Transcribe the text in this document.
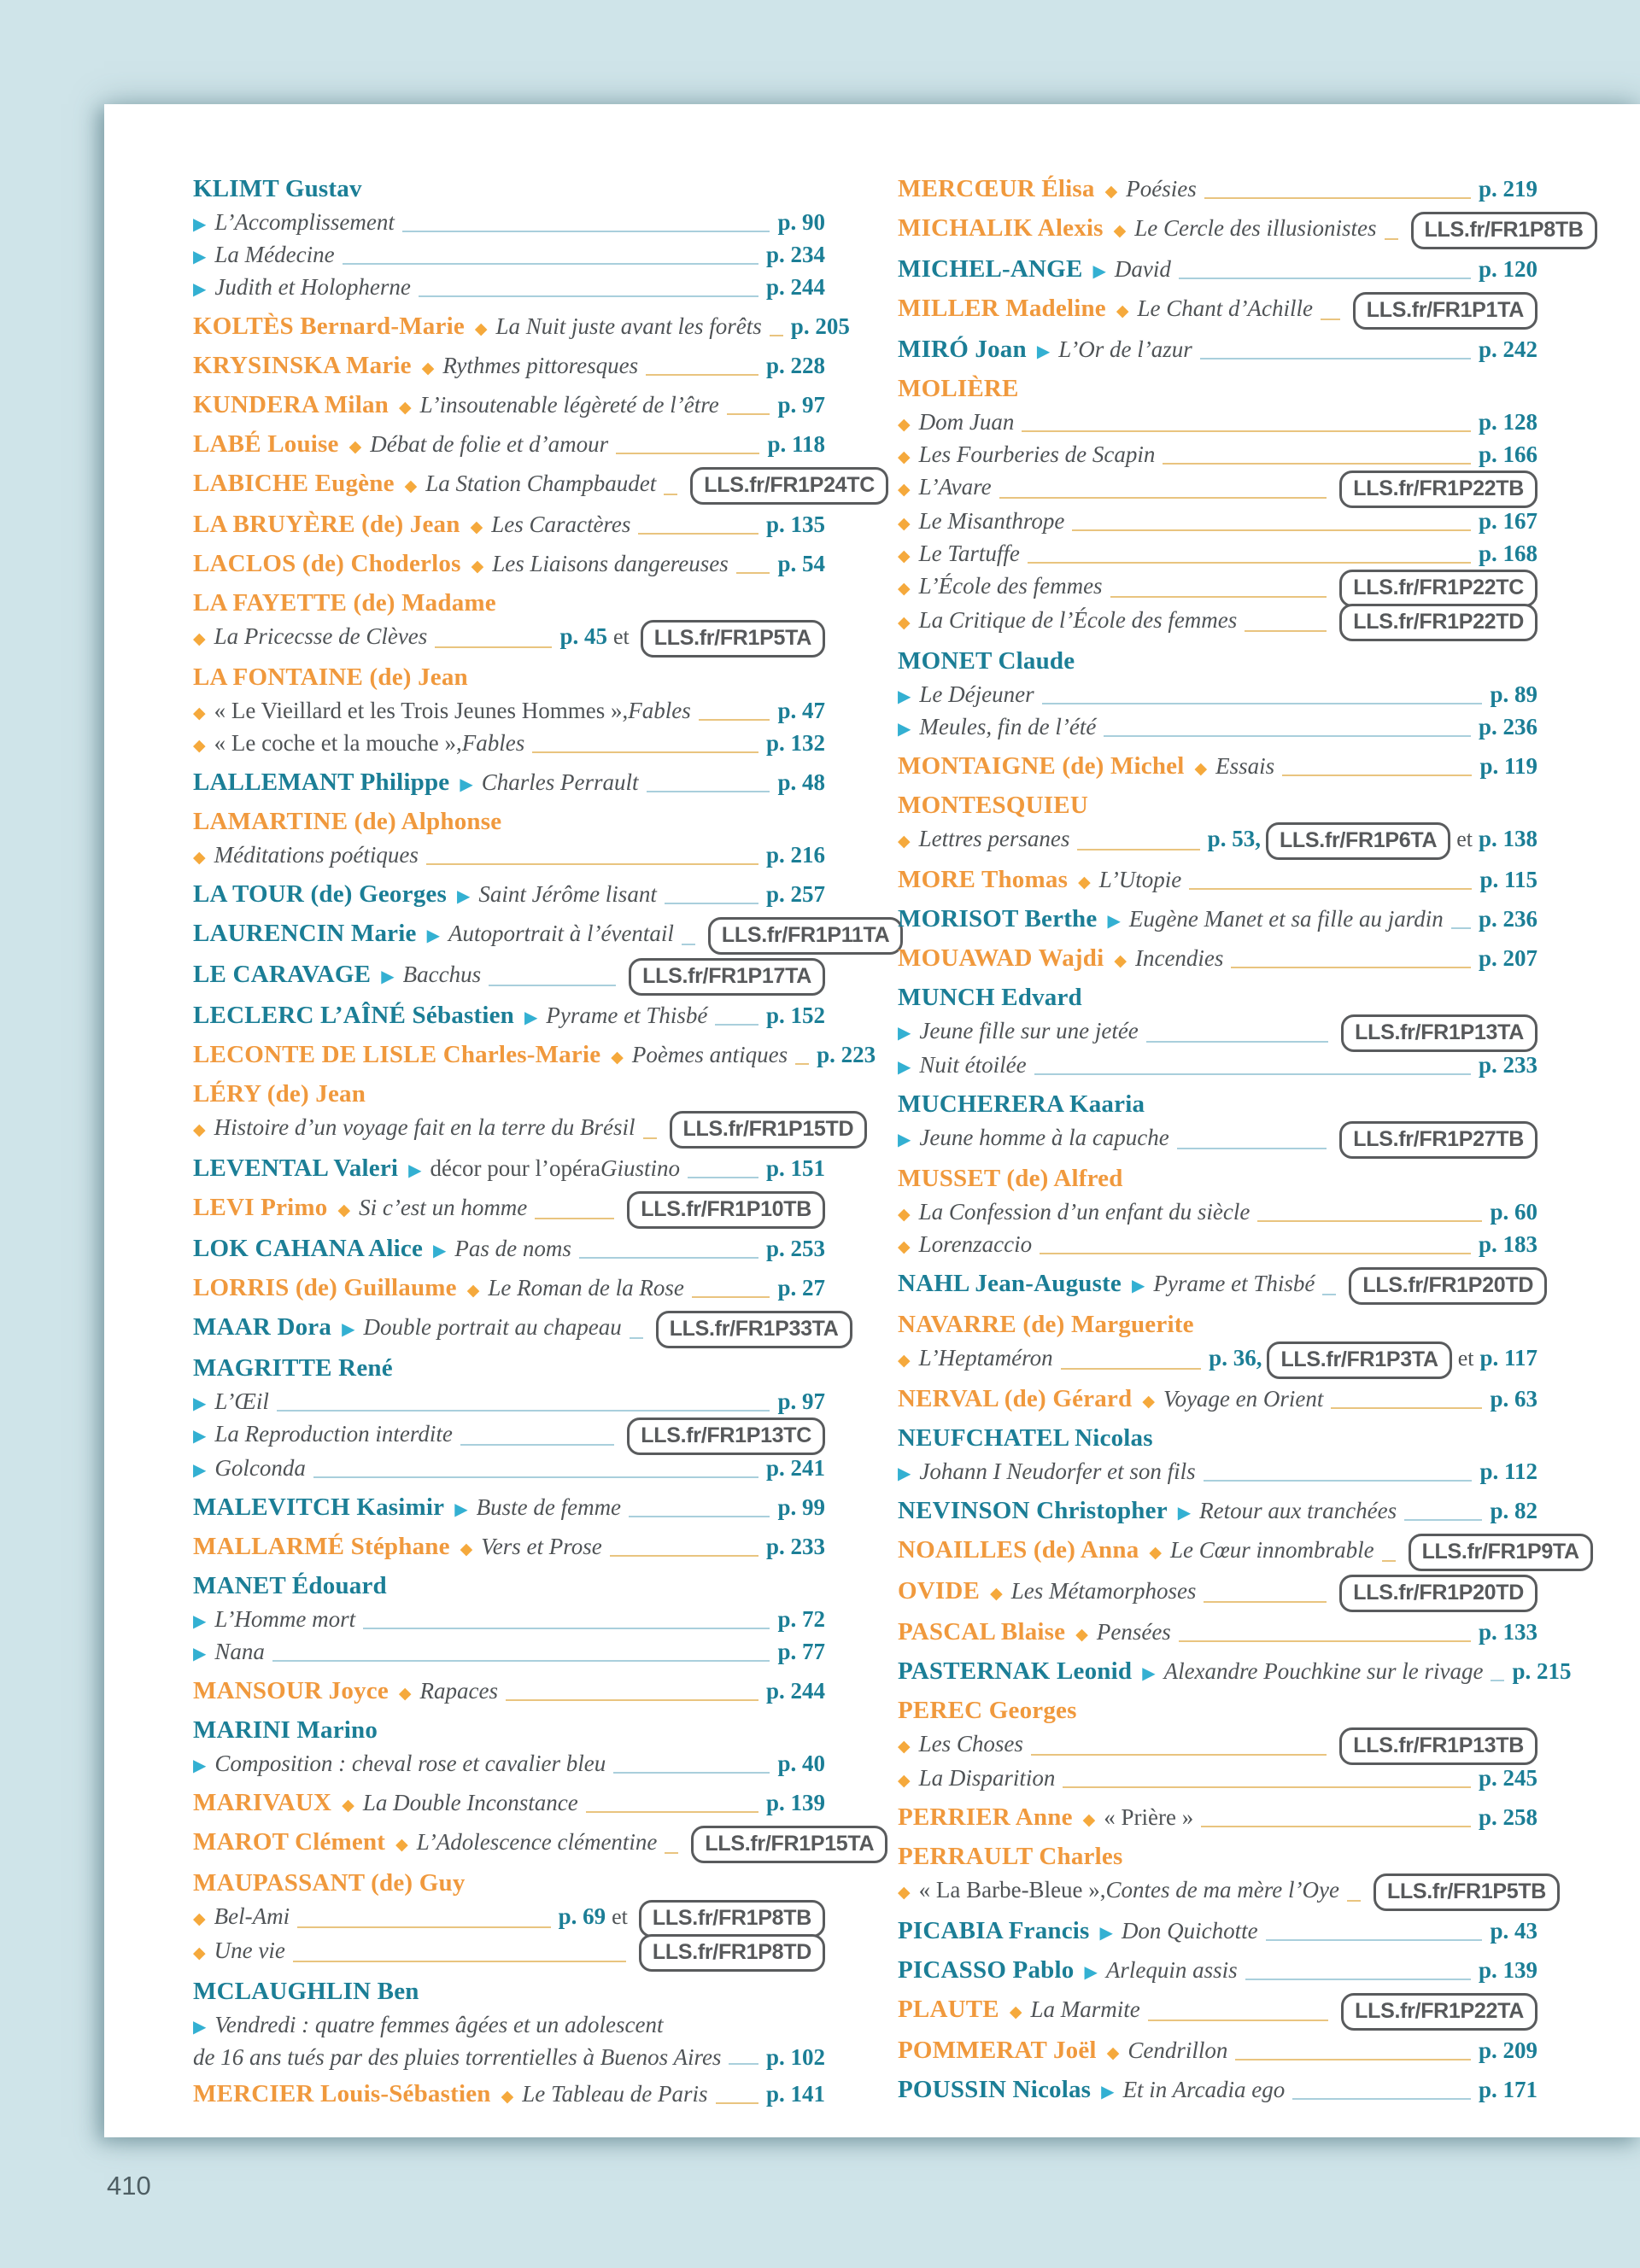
KLIMT Gustav
▶ L’Accomplissement	p. 90
▶ La Médecine	p. 234
▶ Judith et Holopherne	p. 244
KOLTÈS Bernard-Marie ◆ La Nuit juste avant les forêts p. 205
KRYSINSKA Marie ◆ Rythmes pittoresques	p. 228
KUNDERA Milan ◆ L’insoutenable légèreté de l’être	p. 97
LABÉ Louise ◆ Débat de folie et d’amour	p. 118
LABICHE Eugène ◆ La Station Champbaudet	LLS.fr/FR1P24TC
LA BRUYÈRE (de) Jean ◆ Les Caractères	p. 135
LACLOS (de) Choderlos ◆ Les Liaisons dangereuses p. 54
LA FAYETTE (de) Madame
◆ La Pricecsse de Clèves	p. 45 et	LLS.fr/FR1P5TA
LA FONTAINE (de) Jean
◆ « Le Vieillard et les Trois Jeunes Hommes », Fables	p. 47
◆ « Le coche et la mouche », Fables	p. 132
LALLEMANT Philippe ▶ Charles Perrault	p. 48
LAMARTINE (de) Alphonse
◆ Méditations poétiques	p. 216
LA TOUR (de) Georges ▶ Saint Jérôme lisant	p. 257
LAURENCIN Marie ▶ Autoportrait à l’éventail	LLS.fr/FR1P11TA
LE CARAVAGE ▶ Bacchus	LLS.fr/FR1P17TA
LECLERC L’AÎNÉ Sébastien ▶ Pyrame et Thisbé	p. 152
LECONTE DE LISLE Charles-Marie ◆ Poèmes antiques p. 223
LÉRY (de) Jean
◆ Histoire d’un voyage fait en la terre du Brésil	LLS.fr/FR1P15TD
LEVENTAL Valeri ▶ décor pour l’opéra Giustino	p. 151
LEVI Primo ◆ Si c’est un homme	LLS.fr/FR1P10TB
LOK CAHANA Alice ▶ Pas de noms	p. 253
LORRIS (de) Guillaume ◆ Le Roman de la Rose	p. 27
MAAR Dora ▶ Double portrait au chapeau	LLS.fr/FR1P33TA
MAGRITTE René
▶ L’Œil	p. 97
▶ La Reproduction interdite	LLS.fr/FR1P13TC
▶ Golconda	p. 241
MALEVITCH Kasimir ▶ Buste de femme	p. 99
MALLARMÉ Stéphane ◆ Vers et Prose	p. 233
MANET Édouard
▶ L’Homme mort	p. 72
▶ Nana	p. 77
MANSOUR Joyce ◆ Rapaces	p. 244
MARINI Marino
▶ Composition : cheval rose et cavalier bleu	p. 40
MARIVAUX ◆ La Double Inconstance	p. 139
MAROT Clément ◆ L’Adolescence clémentine	LLS.fr/FR1P15TA
MAUPASSANT (de) Guy
◆ Bel-Ami	p. 69 et	LLS.fr/FR1P8TB
◆ Une vie	LLS.fr/FR1P8TD
MCLAUGHLIN Ben
▶ Vendredi : quatre femmes âgées et un adolescent
de 16 ans tués par des pluies torrentielles à Buenos Aires p. 102
MERCIER Louis-Sébastien ◆ Le Tableau de Paris	p. 141
MERCŒUR Élisa ◆ Poésies	p. 219
MICHALIK Alexis ◆ Le Cercle des illusionistes	LLS.fr/FR1P8TB
MICHEL-ANGE ▶ David	p. 120
MILLER Madeline ◆ Le Chant d’Achille	LLS.fr/FR1P1TA
MIRÓ Joan ▶ L’Or de l’azur	p. 242
MOLIÈRE
◆ Dom Juan	p. 128
◆ Les Fourberies de Scapin	p. 166
◆ L’Avare	LLS.fr/FR1P22TB
◆ Le Misanthrope	p. 167
◆ Le Tartuffe	p. 168
◆ L’École des femmes	LLS.fr/FR1P22TC
◆ La Critique de l’École des femmes	LLS.fr/FR1P22TD
MONET Claude
▶ Le Déjeuner	p. 89
▶ Meules, fin de l’été	p. 236
MONTAIGNE (de) Michel ◆ Essais	p. 119
MONTESQUIEU
◆ Lettres persanes	p. 53, LLS.fr/FR1P6TA et p. 138
MORE Thomas ◆ L’Utopie	p. 115
MORISOT Berthe ▶ Eugène Manet et sa fille au jardin p. 236
MOUAWAD Wajdi ◆ Incendies	p. 207
MUNCH Edvard
▶ Jeune fille sur une jetée	LLS.fr/FR1P13TA
▶ Nuit étoilée	p. 233
MUCHERERA Kaaria
▶ Jeune homme à la capuche	LLS.fr/FR1P27TB
MUSSET (de) Alfred
◆ La Confession d’un enfant du siècle	p. 60
◆ Lorenzaccio	p. 183
NAHL Jean-Auguste ▶ Pyrame et Thisbé	LLS.fr/FR1P20TD
NAVARRE (de) Marguerite
◆ L’Heptaméron	p. 36, LLS.fr/FR1P3TA et p. 117
NERVAL (de) Gérard ◆ Voyage en Orient	p. 63
NEUFCHATEL Nicolas
▶ Johann I Neudorfer et son fils	p. 112
NEVINSON Christopher ▶ Retour aux tranchées	p. 82
NOAILLES (de) Anna ◆ Le Cœur innombrable	LLS.fr/FR1P9TA
OVIDE ◆ Les Métamorphoses	LLS.fr/FR1P20TD
PASCAL Blaise ◆ Pensées	p. 133
PASTERNAK Leonid ▶ Alexandre Pouchkine sur le rivage p. 215
PEREC Georges
◆ Les Choses	LLS.fr/FR1P13TB
◆ La Disparition	p. 245
PERRIER Anne ◆ « Prière »	p. 258
PERRAULT Charles
◆ « La Barbe-Bleue », Contes de ma mère l’Oye	LLS.fr/FR1P5TB
PICABIA Francis ▶ Don Quichotte	p. 43
PICASSO Pablo ▶ Arlequin assis	p. 139
PLAUTE ◆ La Marmite	LLS.fr/FR1P22TA
POMMERAT Joël ◆ Cendrillon	p. 209
POUSSIN Nicolas ▶ Et in Arcadia ego	p. 171
410
